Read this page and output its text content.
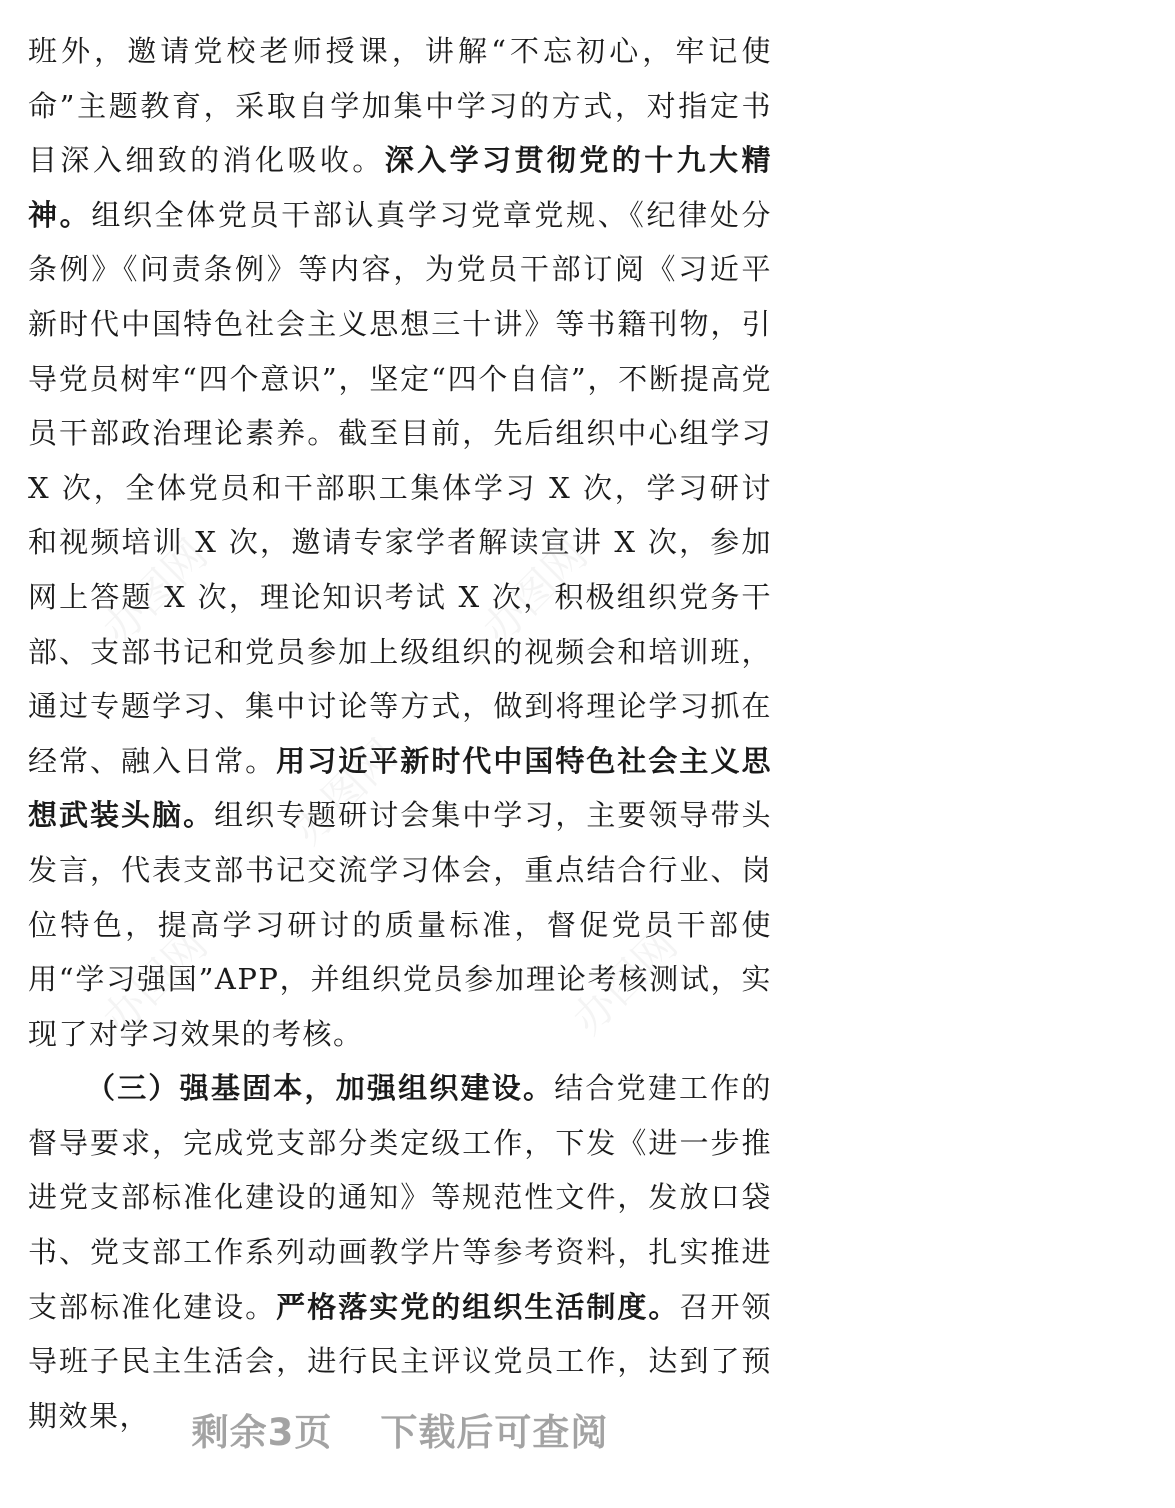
班外，邀请党校老师授课，讲解“不忘初心，牢记使命”主题教育，采取自学加集中学习的方式，对指定书目深入细致的消化吸收。深入学习贯彻党的十九大精神。组织全体党员干部认真学习党章党规、《纪律处分条例》《问责条例》等内容，为党员干部订阅《习近平新时代中国特色社会主义思想三十讲》等书籍刊物，引导党员树牢“四个意识”，坚定“四个自信”，不断提高党员干部政治理论素养。截至目前，先后组织中心组学习 X 次，全体党员和干部职工集体学习 X 次，学习研讨和视频培训 X 次，邀请专家学者解读宣讲 X 次，参加网上答题 X 次，理论知识考试 X 次，积极组织党务干部、支部书记和党员参加上级组织的视频会和培训班，通过专题学习、集中讨论等方式，做到将理论学习抓在经常、融入日常。用习近平新时代中国特色社会主义思想武装头脑。组织专题研讨会集中学习，主要领导带头发言，代表支部书记交流学习体会，重点结合行业、岗位特色，提高学习研讨的质量标准，督促党员干部使用“学习强国”APP，并组织党员参加理论考核测试，实现了对学习效果的考核。

（三）强基固本，加强组织建设。结合党建工作的督导要求，完成党支部分类定级工作，下发《进一步推进党支部标准化建设的通知》等规范性文件，发放口袋书、党支部工作系列动画教学片等参考资料，扎实推进支部标准化建设。严格落实党的组织生活制度。召开领导班子民主生活会，进行民主评议党员工作，达到了预期效果，

办图网	办图网
办图网
办图网	办图网
剩余3页 下载后可查阅
